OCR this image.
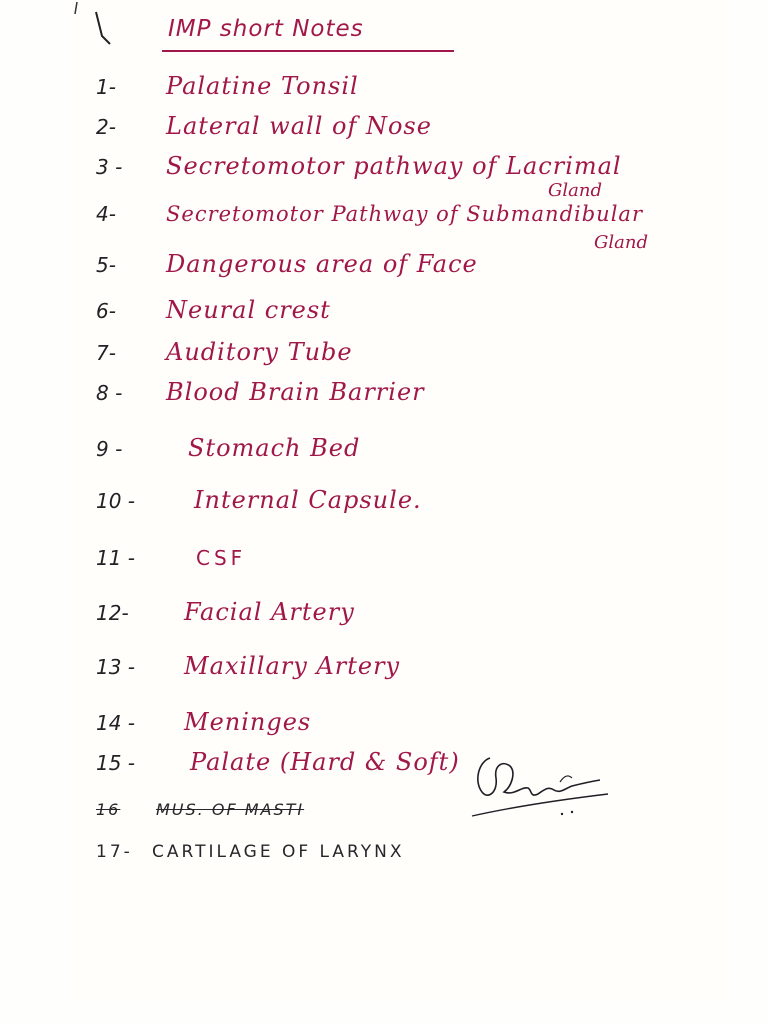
IMP short Notes
1-	Palatine Tonsil
2-	Lateral wall of Nose
3 -	Secretomotor pathway of Lacrimal
Gland
4-	Secretomotor Pathway of Submandibular
Gland
5-	Dangerous area of Face
6-	Neural crest
7-	Auditory Tube
8 -	Blood Brain Barrier
9 -	Stomach Bed
10 -	Internal Capsule.
11 -	CSF
12-	Facial Artery
13 -	Maxillary Artery
14 -	Meninges
15 -	Palate (Hard & Soft)
16	MUS. OF MASTI
17-	CARTILAGE OF LARYNX
